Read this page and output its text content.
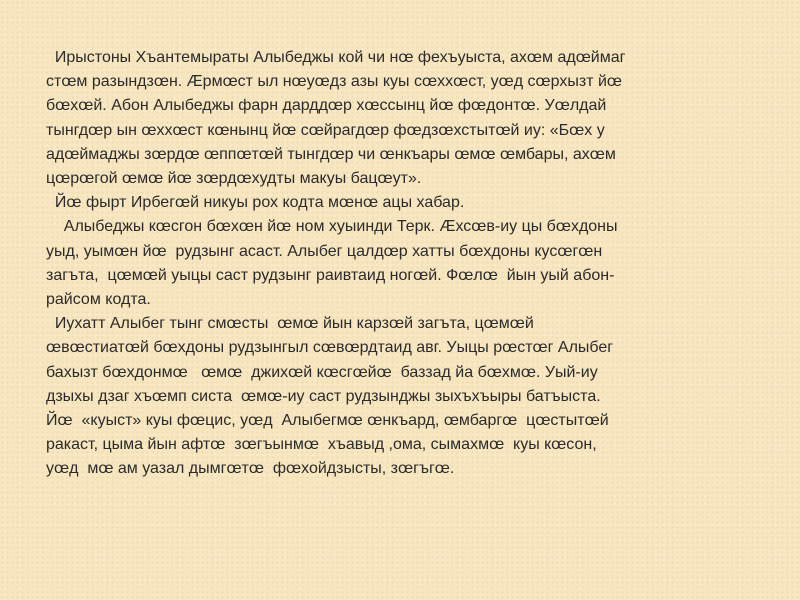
Ирыстоны Хъантемыраты Алыбеджы кой чи нœ фехъуыста, ахœм адœймаг
стœм разындзœн. Æрмœст ыл нœуœдз азы куы сœххœст, уœд сœрхызт йœ
бœхœй. Абон Алыбеджы фарн дарддœр хœссынц йœ фœдонтœ. Уœлдай
тынгдœр ын œххœст кœнынц йœ сœйрагдœр фœдзœхстытœй иу: «Бœх у
адœймаджы зœрдœ œппœтœй тынгдœр чи œнкъары œмœ œмбары, ахœм
цœрœгой œмœ йœ зœрдœхудты макуы бацœут».

Йœ фырт Ирбегœй никуы рох кодта мœнœ ацы хабар.

Алыбеджы кœсгон бœхœн йœ ном хуыинди Терк. Æхсœв-иу цы бœхдоны
уыд, уымœн йœ  рудзынг асаст. Алыбег цалдœр хатты бœхдоны кусœгœн
загъта,  цœмœй уыцы саст рудзынг раивтаид ногœй. Фœлœ  йын уый абон-
райсом кодта.

Иухатт Алыбег тынг смœсты  œмœ йын карзœй загъта, цœмœй
œвœстиатœй бœхдоны рудзынгыл сœвœрдтаид авг. Уыцы рœстœг Алыбег
бахызт бœхдонмœ   œмœ  джихœй кœсгœйœ  баззад йа бœхмœ. Уый-иу
дзыхы дзаг хъœмп систа  œмœ-иу саст рудзынджы зыхъхъыры батъыста.
Йœ  «куыст» куы фœцис, уœд  Алыбегмœ œнкъард, œмбаргœ  цœстытœй
ракаст, цыма йын афтœ  зœгъынмœ  хъавыд ,ома, сымахмœ  куы кœсон,
уœд  мœ ам уазал дымгœтœ  фœхойдзысты, зœгъгœ.
